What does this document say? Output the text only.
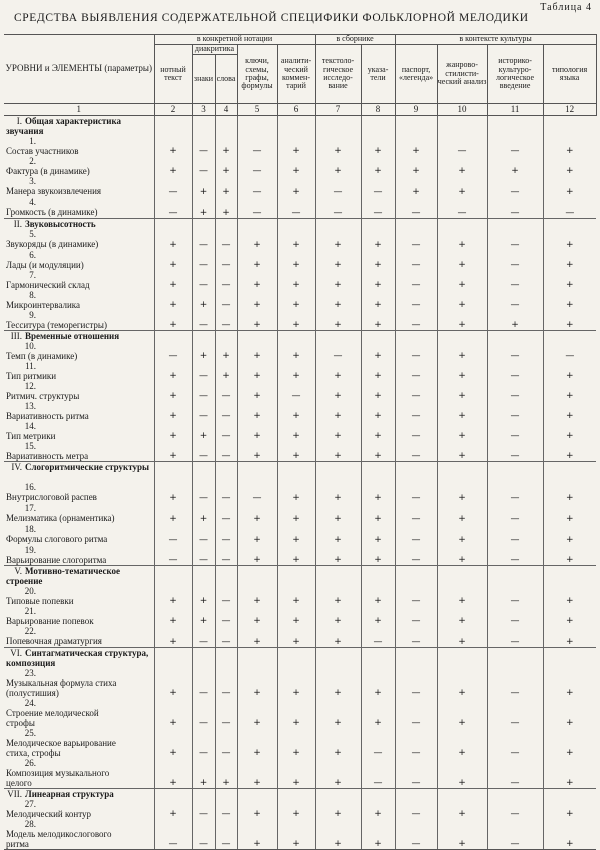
Таблица 4
СРЕДСТВА ВЫЯВЛЕНИЯ СОДЕРЖАТЕЛЬНОЙ СПЕЦИФИКИ ФОЛЬКЛОРНОЙ МЕЛОДИКИ
УРОВНИ и ЭЛЕМЕНТЫ (параметры)	в конкретной нотации					в сборнике		в контексте культуры			
	нотный текст	диакритика		ключи, схемы, графы, формулы	аналитический комментарий	текстологическое исследование	указатели	паспорт, «легенда»	жанрово-стилистический анализ	историко-культурологическое введение	типология языка
		знаки	слова								
1	2	3	4	5	6	7	8	9	10	11	12
I. Общая характеристика звучания											
1.Состав участников	+	—	+	—	+	+	+	+	—	—	+
2.Фактура (в динамике)	+	—	+	—	+	+	+	+	+	+	+
3.Манера звукоизвлечения	—	+	+	—	+	—	—	+	+	—	+
4.Громкость (в динамике)	—	+	+	—	—	—	—	—	—	—	—
II. Звуковысотность											
5.Звукоряды (в динамике)	+	—	—	+	+	+	+	—	+	—	+
6.Лады (и модуляции)	+	—	—	+	+	+	+	—	+	—	+
7.Гармонический склад	+	—	—	+	+	+	+	—	+	—	+
8.Микроинтервалика	+	+	—	+	+	+	+	—	+	—	+
9.Тесситура (теморегистры)	+	—	—	+	+	+	+	—	+	+	+
III. Временные отношения											
10.Темп (в динамике)	—	+	+	+	+	—	+	—	+	—	—
11.Тип ритмики	+	—	+	+	+	+	+	—	+	—	+
12.Ритмич. структуры	+	—	—	+	—	+	+	—	+	—	+
13.Вариативность ритма	+	—	—	+	+	+	+	—	+	—	+
14.Тип метрики	+	+	—	+	+	+	+	—	+	—	+
15.Вариативность метра	+	—	—	+	+	+	+	—	+	—	+
IV. Слогоритмические структуры											
16.Внутрислоговой распев	+	—	—	—	+	+	+	—	+	—	+
17.Мелизматика (орнаментика)	+	+	—	+	+	+	+	—	+	—	+
18.Формулы слогового ритма	—	—	—	+	+	+	+	—	+	—	+
19.Варьирование слогоритма	—	—	—	+	+	+	+	—	+	—	+
V. Мотивно-тематическое строение											
20.Типовые попевки	+	+	—	+	+	+	+	—	+	—	+
21.Варьирование попевок	+	+	—	+	+	+	+	—	+	—	+
22.Попевочная драматургия	+	—	—	+	+	+	—	—	+	—	+
VI. Синтагматическая структура, композиция											
23.Музыкальная формула стиха (полустишия)	+	—	—	+	+	+	+	—	+	—	+
24.Строение мелодической строфы	+	—	—	+	+	+	+	—	+	—	+
25.Мелодическое варьирование стиха, строфы	+	—	—	+	+	+	—	—	+	—	+
26.Композиция музыкального целого	+	+	+	+	+	+	—	—	+	—	+
VII. Линеарная структура											
27.Мелодический контур	+	—	—	+	+	+	+	—	+	—	+
28.Модель мелодикослогового ритма	—	—	—	+	+	+	+	—	+	—	+
